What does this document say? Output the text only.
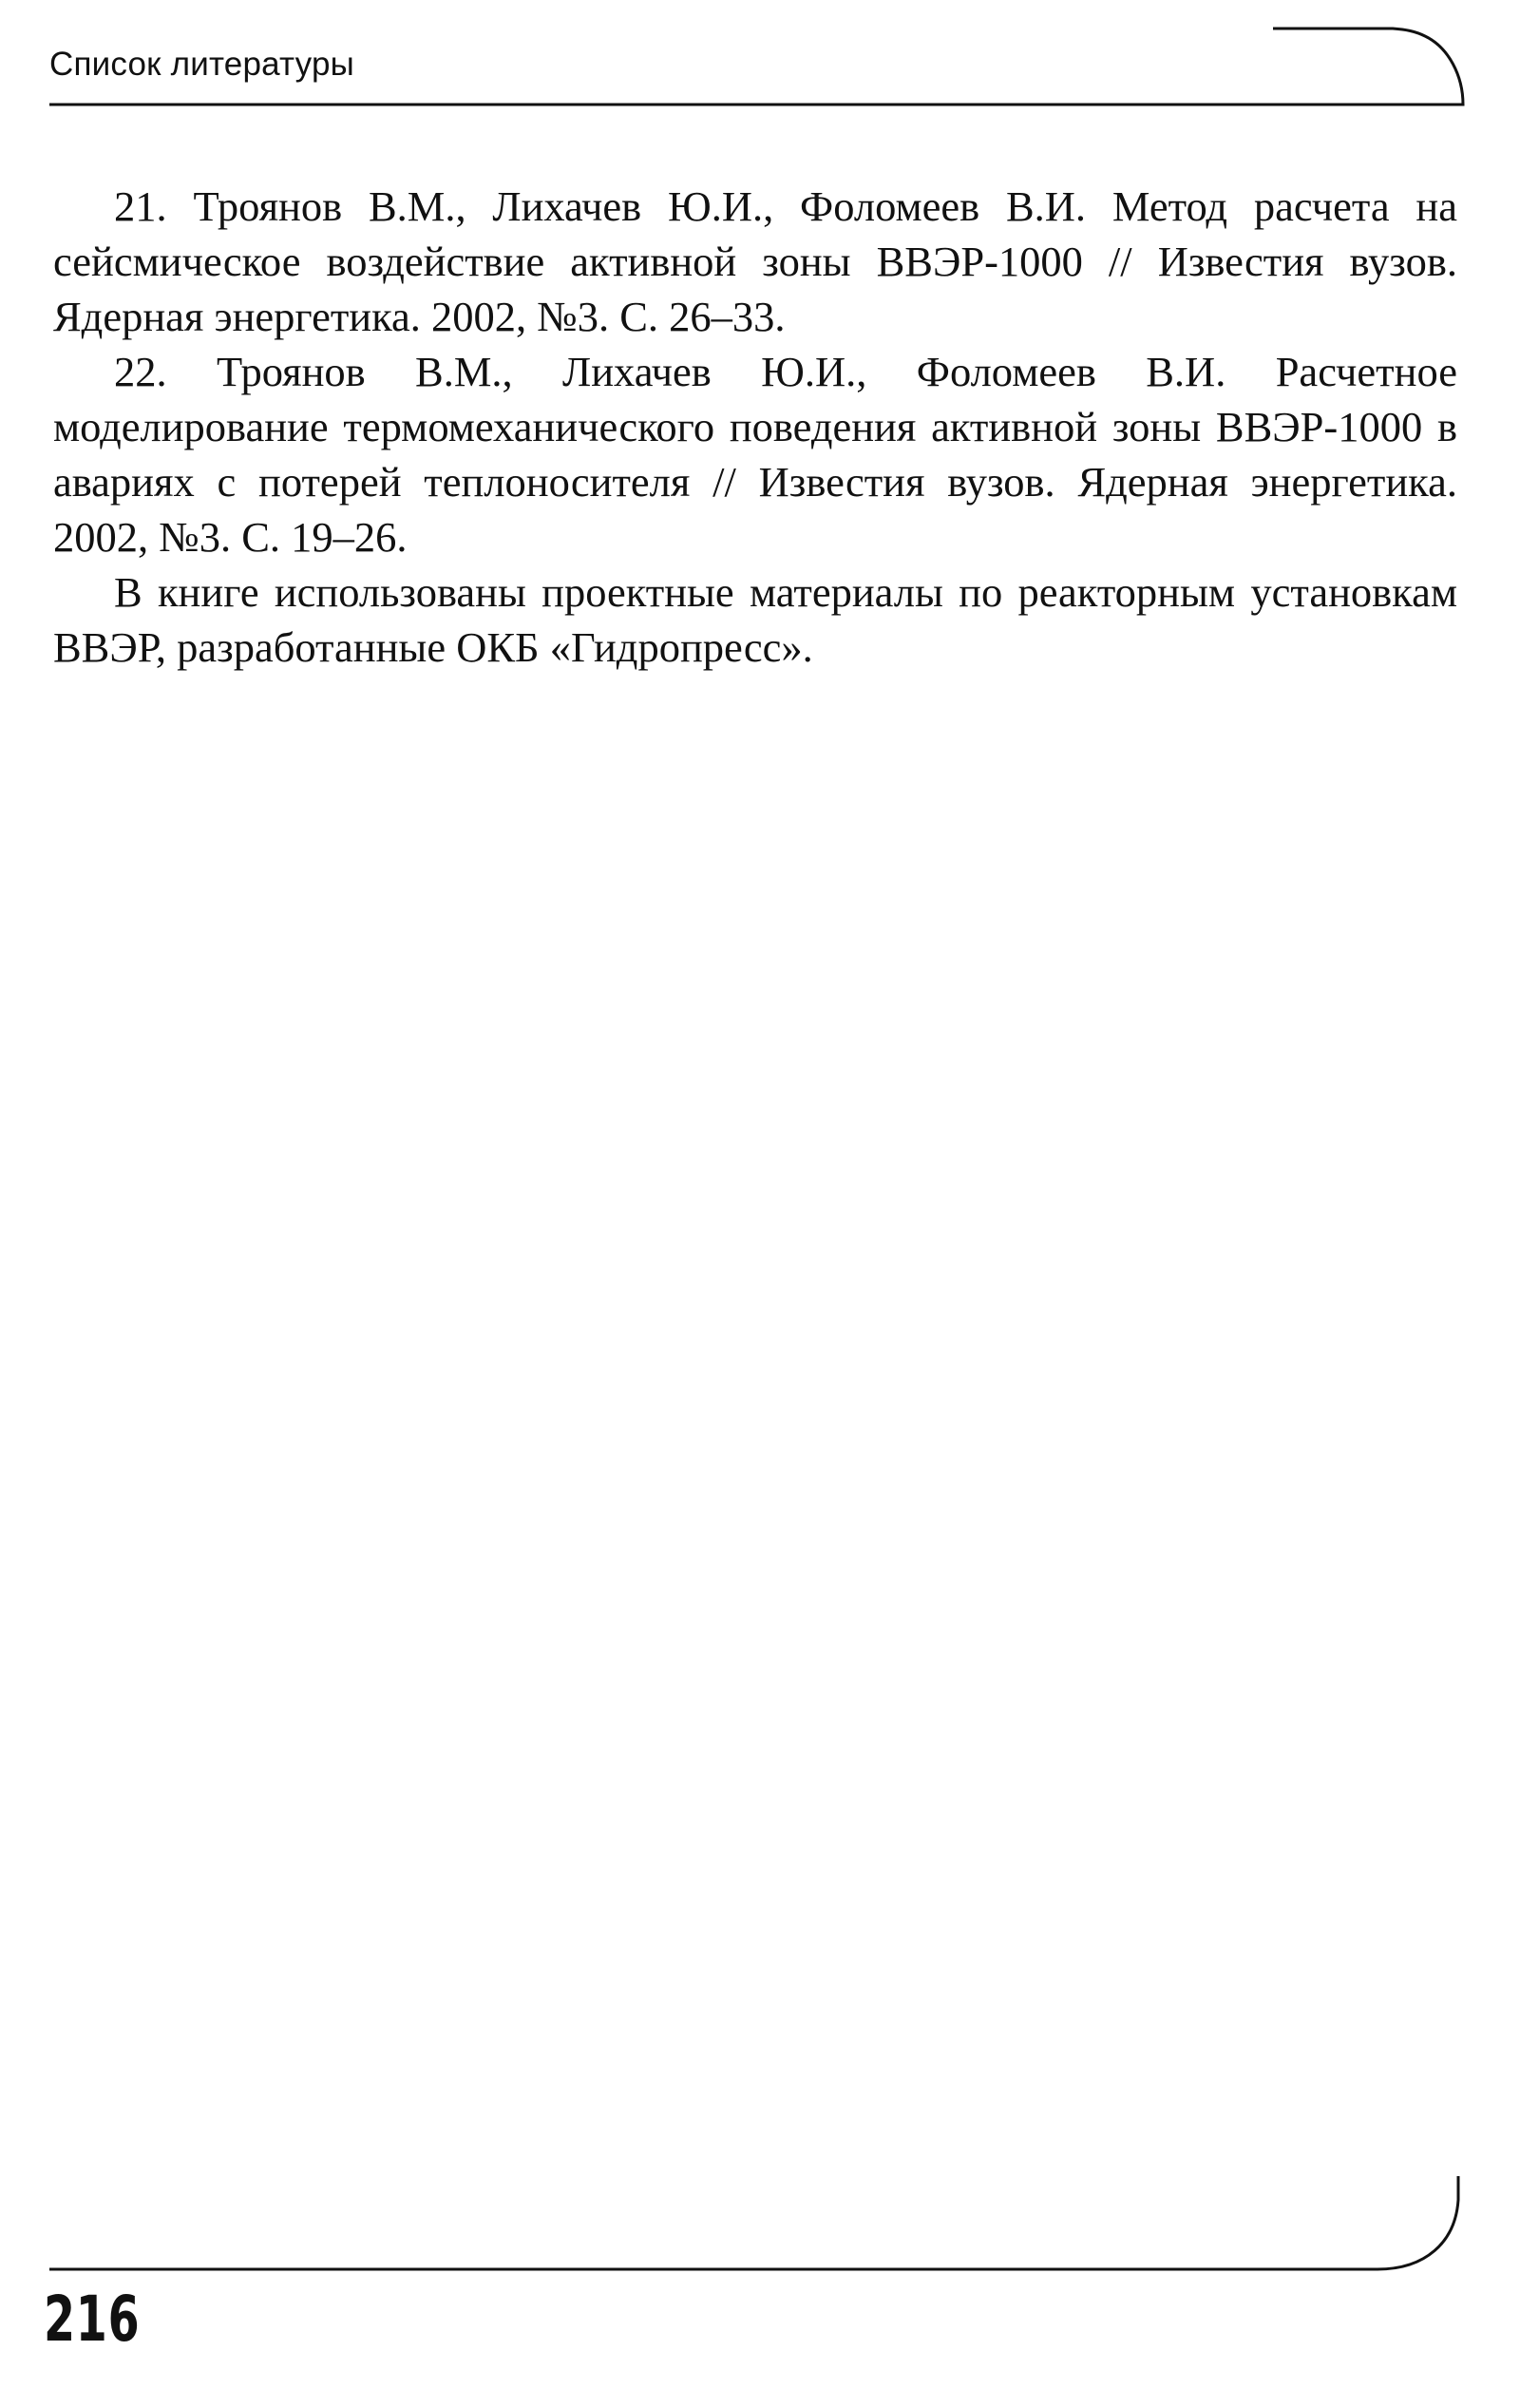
Список литературы

21. Троянов В.М., Лихачев Ю.И., Фоломеев В.И. Метод расчета на сейсмическое воздействие активной зоны ВВЭР-1000 // Известия вузов. Ядерная энергетика. 2002, №3. С. 26–33.

22. Троянов В.М., Лихачев Ю.И., Фоломеев В.И. Расчетное моделирование термомеханического поведения активной зоны ВВЭР-1000 в авариях с потерей теплоносителя // Известия вузов. Ядерная энергетика. 2002, №3. С. 19–26.

В книге использованы проектные материалы по реакторным установкам ВВЭР, разработанные ОКБ «Гидропресс».

216
